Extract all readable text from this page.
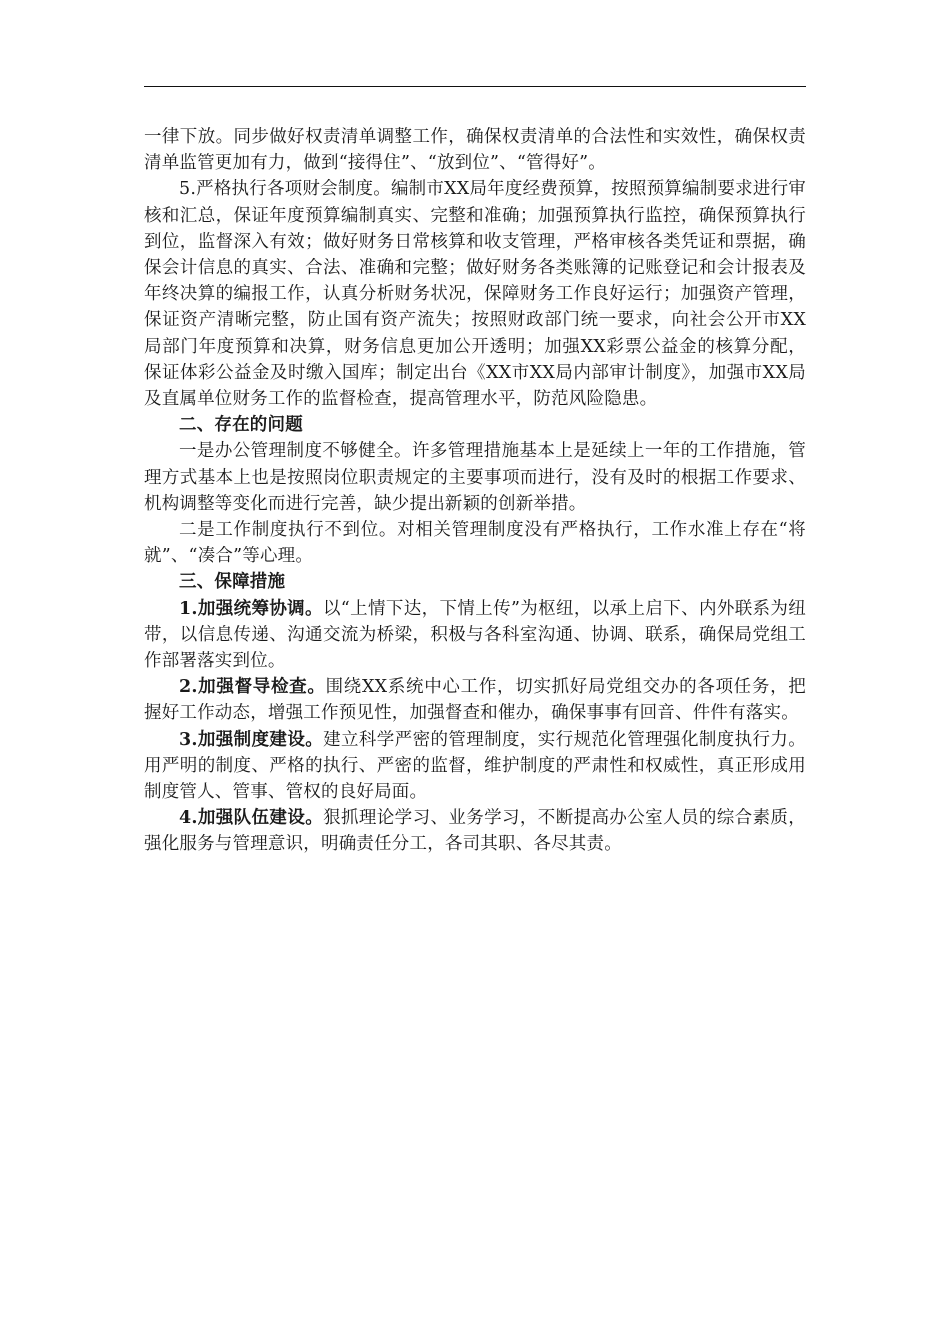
一律下放。同步做好权责清单调整工作，确保权责清单的合法性和实效性，确保权责清单监管更加有力，做到“接得住”、“放到位”、“管得好”。

5.严格执行各项财会制度。编制市XX局年度经费预算，按照预算编制要求进行审核和汇总，保证年度预算编制真实、完整和准确；加强预算执行监控，确保预算执行到位，监督深入有效；做好财务日常核算和收支管理，严格审核各类凭证和票据，确保会计信息的真实、合法、准确和完整；做好财务各类账簿的记账登记和会计报表及年终决算的编报工作，认真分析财务状况，保障财务工作良好运行；加强资产管理，保证资产清晰完整，防止国有资产流失；按照财政部门统一要求，向社会公开市XX局部门年度预算和决算，财务信息更加公开透明；加强XX彩票公益金的核算分配，保证体彩公益金及时缴入国库；制定出台《XX市XX局内部审计制度》，加强市XX局及直属单位财务工作的监督检查，提高管理水平，防范风险隐患。

二、存在的问题

一是办公管理制度不够健全。许多管理措施基本上是延续上一年的工作措施，管理方式基本上也是按照岗位职责规定的主要事项而进行，没有及时的根据工作要求、机构调整等变化而进行完善，缺少提出新颖的创新举措。

二是工作制度执行不到位。对相关管理制度没有严格执行，工作水准上存在“将就”、“凑合”等心理。

三、保障措施

1.加强统筹协调。以“上情下达，下情上传”为枢纽，以承上启下、内外联系为纽带，以信息传递、沟通交流为桥梁，积极与各科室沟通、协调、联系，确保局党组工作部署落实到位。

2.加强督导检查。围绕XX系统中心工作，切实抓好局党组交办的各项任务，把握好工作动态，增强工作预见性，加强督查和催办，确保事事有回音、件件有落实。

3.加强制度建设。建立科学严密的管理制度，实行规范化管理强化制度执行力。用严明的制度、严格的执行、严密的监督，维护制度的严肃性和权威性，真正形成用制度管人、管事、管权的良好局面。

4.加强队伍建设。狠抓理论学习、业务学习，不断提高办公室人员的综合素质，强化服务与管理意识，明确责任分工，各司其职、各尽其责。
